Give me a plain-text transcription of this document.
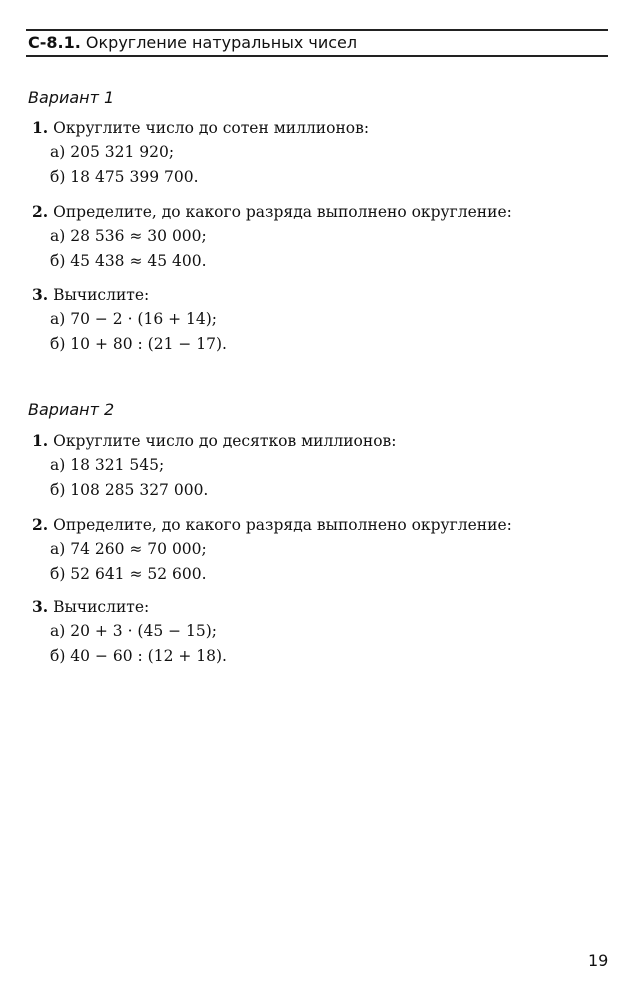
С-8.1. Округление натуральных чисел
Вариант 1
1. Округлите число до сотен миллионов:
а) 205 321 920;
б) 18 475 399 700.
2. Определите, до какого разряда выполнено округление:
а) 28 536 ≈ 30 000;
б) 45 438 ≈ 45 400.
3. Вычислите:
а) 70 − 2 · (16 + 14);
б) 10 + 80 : (21 − 17).
Вариант 2
1. Округлите число до десятков миллионов:
а) 18 321 545;
б) 108 285 327 000.
2. Определите, до какого разряда выполнено округление:
а) 74 260 ≈ 70 000;
б) 52 641 ≈ 52 600.
3. Вычислите:
а) 20 + 3 · (45 − 15);
б) 40 − 60 : (12 + 18).
19
